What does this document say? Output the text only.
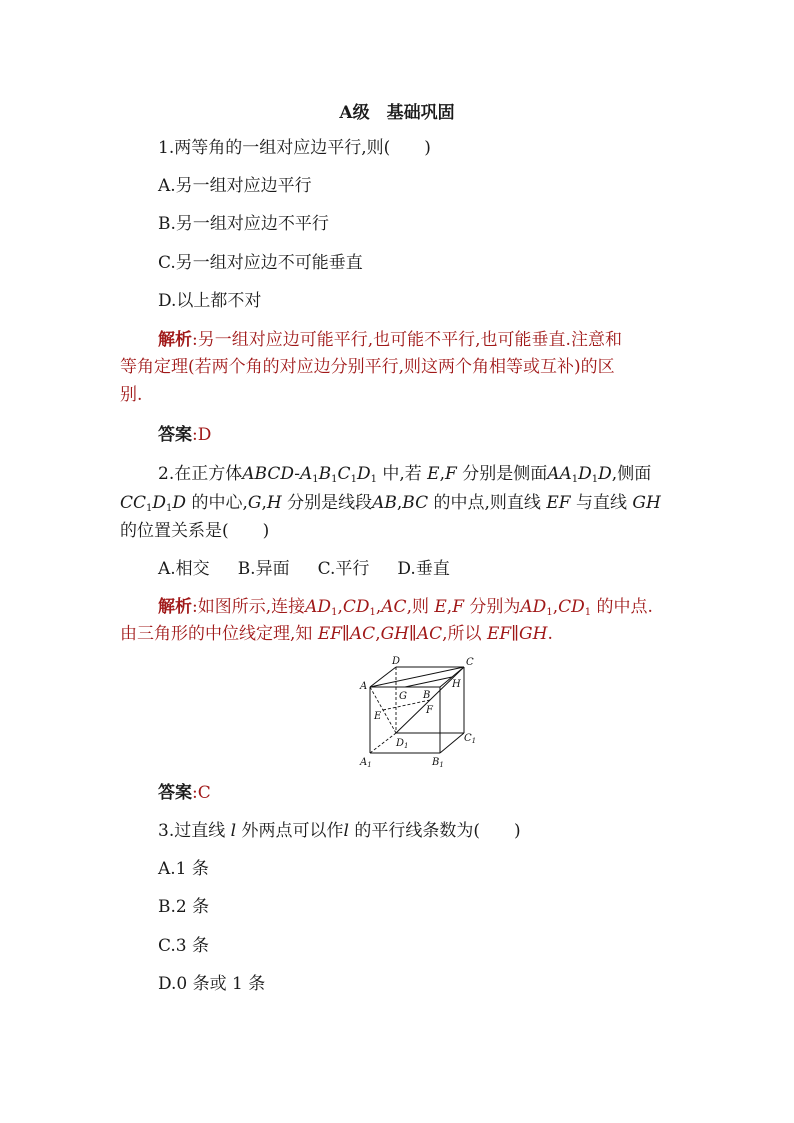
A级　基础巩固
1.两等角的一组对应边平行,则(　　)
A.另一组对应边平行
B.另一组对应边不平行
C.另一组对应边不可能垂直
D.以上都不对
解析:另一组对应边可能平行,也可能不平行,也可能垂直.注意和
等角定理(若两个角的对应边分别平行,则这两个角相等或互补)的区
别.
答案:D
2.在正方体ABCD-$A_1B_1C_1D_1$ 中,若 E,F 分别是侧面$AA_1D_1D$,侧面
$CC_1D_1D$ 的中心,G,H 分别是线段AB,BC 的中点,则直线 EF 与直线 GH
的位置关系是(　　)
A.相交 B.异面 C.平行 D.垂直
解析:如图所示,连接$AD_1,CD_1,AC$,则 E,F 分别为$AD_1,CD_1$ 的中点.
由三角形的中位线定理,知 EF∥AC,GH∥AC,所以 EF∥GH.
D	C
A
G B
H
F
E
$D_1$
$C_1$
$A_1$	$B_1$
答案:C
3.过直线 l 外两点可以作l 的平行线条数为(　　)
A.1 条
B.2 条
C.3 条
D.0 条或 1 条
